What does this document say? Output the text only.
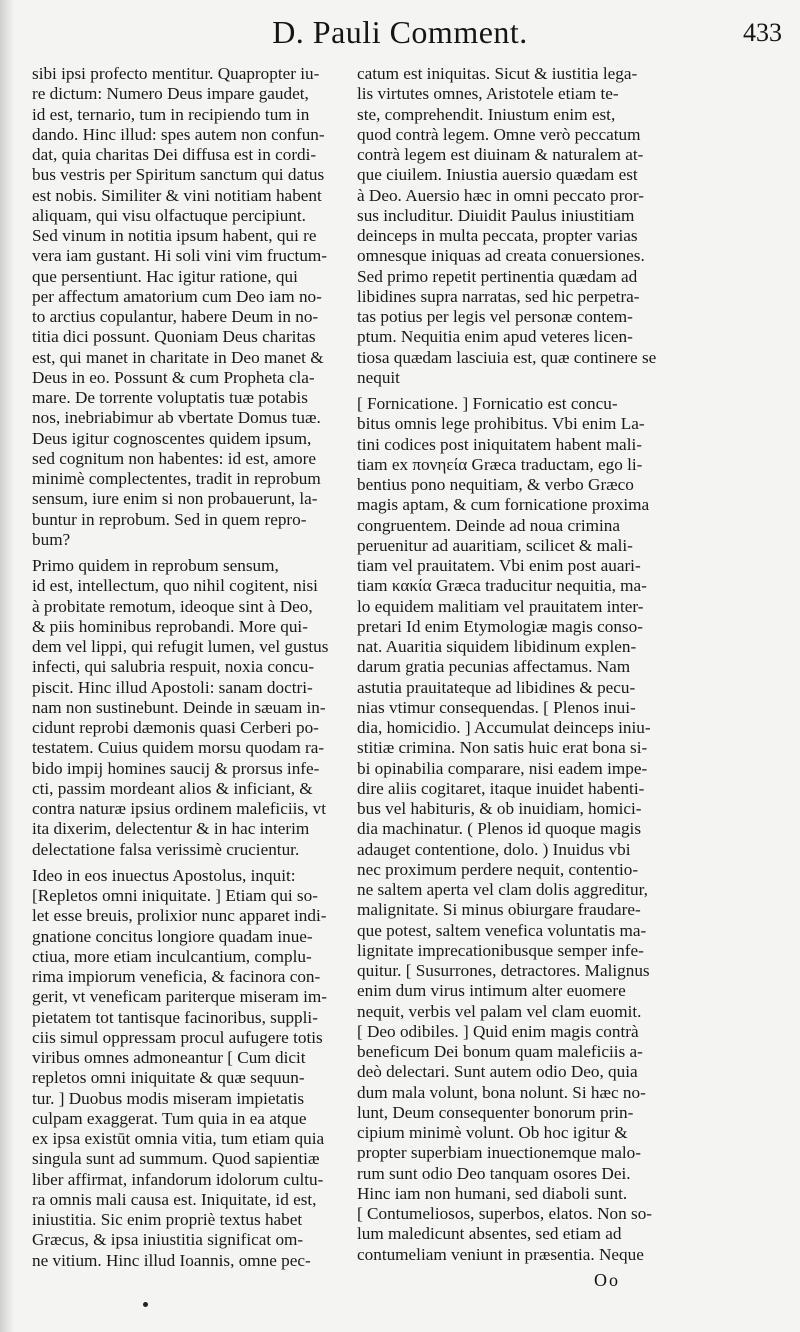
D. Pauli Comment.	433
sibi ipsi profecto mentitur. Quapropter iu-
re dictum: Numero Deus impare gaudet,
id est, ternario, tum in recipiendo tum in
dando. Hinc illud: spes autem non confun-
dat, quia charitas Dei diffusa est in cordi-
bus vestris per Spiritum sanctum qui datus
est nobis. Similiter & vini notitiam habent
aliquam, qui visu olfactuque percipiunt.
Sed vinum in notitia ipsum habent, qui re
vera iam gustant. Hi soli vini vim fructum-
que persentiunt. Hac igitur ratione, qui
per affectum amatorium cum Deo iam no-
to arctius copulantur, habere Deum in no-
titia dici possunt. Quoniam Deus charitas
est, qui manet in charitate in Deo manet &
Deus in eo. Possunt & cum Propheta cla-
mare. De torrente voluptatis tuæ potabis
nos, inebriabimur ab vbertate Domus tuæ.
Deus igitur cognoscentes quidem ipsum,
sed cognitum non habentes: id est, amore
minimè complectentes, tradit in reprobum
sensum, iure enim si non probauerunt, la-
buntur in reprobum. Sed in quem repro-
bum?
Primo quidem in reprobum sensum,
id est, intellectum, quo nihil cogitent, nisi
à probitate remotum, ideoque sint à Deo,
& piis hominibus reprobandi. More qui-
dem vel lippi, qui refugit lumen, vel gustus
infecti, qui salubria respuit, noxia concu-
piscit. Hinc illud Apostoli: sanam doctri-
nam non sustinebunt. Deinde in sæuam in-
cidunt reprobi dæmonis quasi Cerberi po-
testatem. Cuius quidem morsu quodam ra-
bido impij homines saucij & prorsus infe-
cti, passim mordeant alios & inficiant, &
contra naturæ ipsius ordinem maleficiis, vt
ita dixerim, delectentur & in hac interim
delectatione falsa verissimè crucientur.
Ideo in eos inuectus Apostolus, inquit:
[Repletos omni iniquitate. ] Etiam qui so-
let esse breuis, prolixior nunc apparet indi-
gnatione concitus longiore quadam inue-
ctiua, more etiam inculcantium, complu-
rima impiorum veneficia, & facinora con-
gerit, vt veneficam pariterque miseram im-
pietatem tot tantisque facinoribus, suppli-
ciis simul oppressam procul aufugere totis
viribus omnes admoneantur [ Cum dicit
repletos omni iniquitate & quæ sequun-
tur. ] Duobus modis miseram impietatis
culpam exaggerat. Tum quia in ea atque
ex ipsa existūt omnia vitia, tum etiam quia
singula sunt ad summum. Quod sapientiæ
liber affirmat, infandorum idolorum cultu-
ra omnis mali causa est. Iniquitate, id est,
iniustitia. Sic enim propriè textus habet
Græcus, & ipsa iniustitia significat om-
ne vitium. Hinc illud Ioannis, omne pec-
catum est iniquitas. Sicut & iustitia lega-
lis virtutes omnes, Aristotele etiam te-
ste, comprehendit. Iniustum enim est,
quod contrà legem. Omne verò peccatum
contrà legem est diuinam & naturalem at-
que ciuilem. Iniustia auersio quædam est
à Deo. Auersio hæc in omni peccato pror-
sus includitur. Diuidit Paulus iniustitiam
deinceps in multa peccata, propter varias
omnesque iniquas ad creata conuersiones.
Sed primo repetit pertinentia quædam ad
libidines supra narratas, sed hic perpetra-
tas potius per legis vel personæ contem-
ptum. Nequitia enim apud veteres licen-
tiosa quædam lasciuia est, quæ continere se
nequit
[ Fornicatione. ] Fornicatio est concu-
bitus omnis lege prohibitus. Vbi enim La-
tini codices post iniquitatem habent mali-
tiam ex πονηεία Græca traductam, ego li-
bentius pono nequitiam, & verbo Græco
magis aptam, & cum fornicatione proxima
congruentem. Deinde ad noua crimina
peruenitur ad auaritiam, scilicet & mali-
tiam vel prauitatem. Vbi enim post auari-
tiam κακία Græca traducitur nequitia, ma-
lo equidem malitiam vel prauitatem inter-
pretari Id enim Etymologiæ magis conso-
nat. Auaritia siquidem libidinum explen-
darum gratia pecunias affectamus. Nam
astutia prauitateque ad libidines & pecu-
nias vtimur consequendas. [ Plenos inui-
dia, homicidio. ] Accumulat deinceps iniu-
stitiæ crimina. Non satis huic erat bona si-
bi opinabilia comparare, nisi eadem impe-
dire aliis cogitaret, itaque inuidet habenti-
bus vel habituris, & ob inuidiam, homici-
dia machinatur. ( Plenos id quoque magis
adauget contentione, dolo. ) Inuidus vbi
nec proximum perdere nequit, contentio-
ne saltem aperta vel clam dolis aggreditur,
malignitate. Si minus obiurgare fraudare-
que potest, saltem venefica voluntatis ma-
lignitate imprecationibusque semper infe-
quitur. [ Susurrones, detractores. Malignus
enim dum virus intimum alter euomere
nequit, verbis vel palam vel clam euomit.
[ Deo odibiles. ] Quid enim magis contrà
beneficum Dei bonum quam maleficiis a-
deò delectari. Sunt autem odio Deo, quia
dum mala volunt, bona nolunt. Si hæc no-
lunt, Deum consequenter bonorum prin-
cipium minimè volunt. Ob hoc igitur &
propter superbiam inuectionemque malo-
rum sunt odio Deo tanquam osores Dei.
Hinc iam non humani, sed diaboli sunt.
[ Contumeliosos, superbos, elatos. Non so-
lum maledicunt absentes, sed etiam ad
contumeliam veniunt in præsentia. Neque
Oo
